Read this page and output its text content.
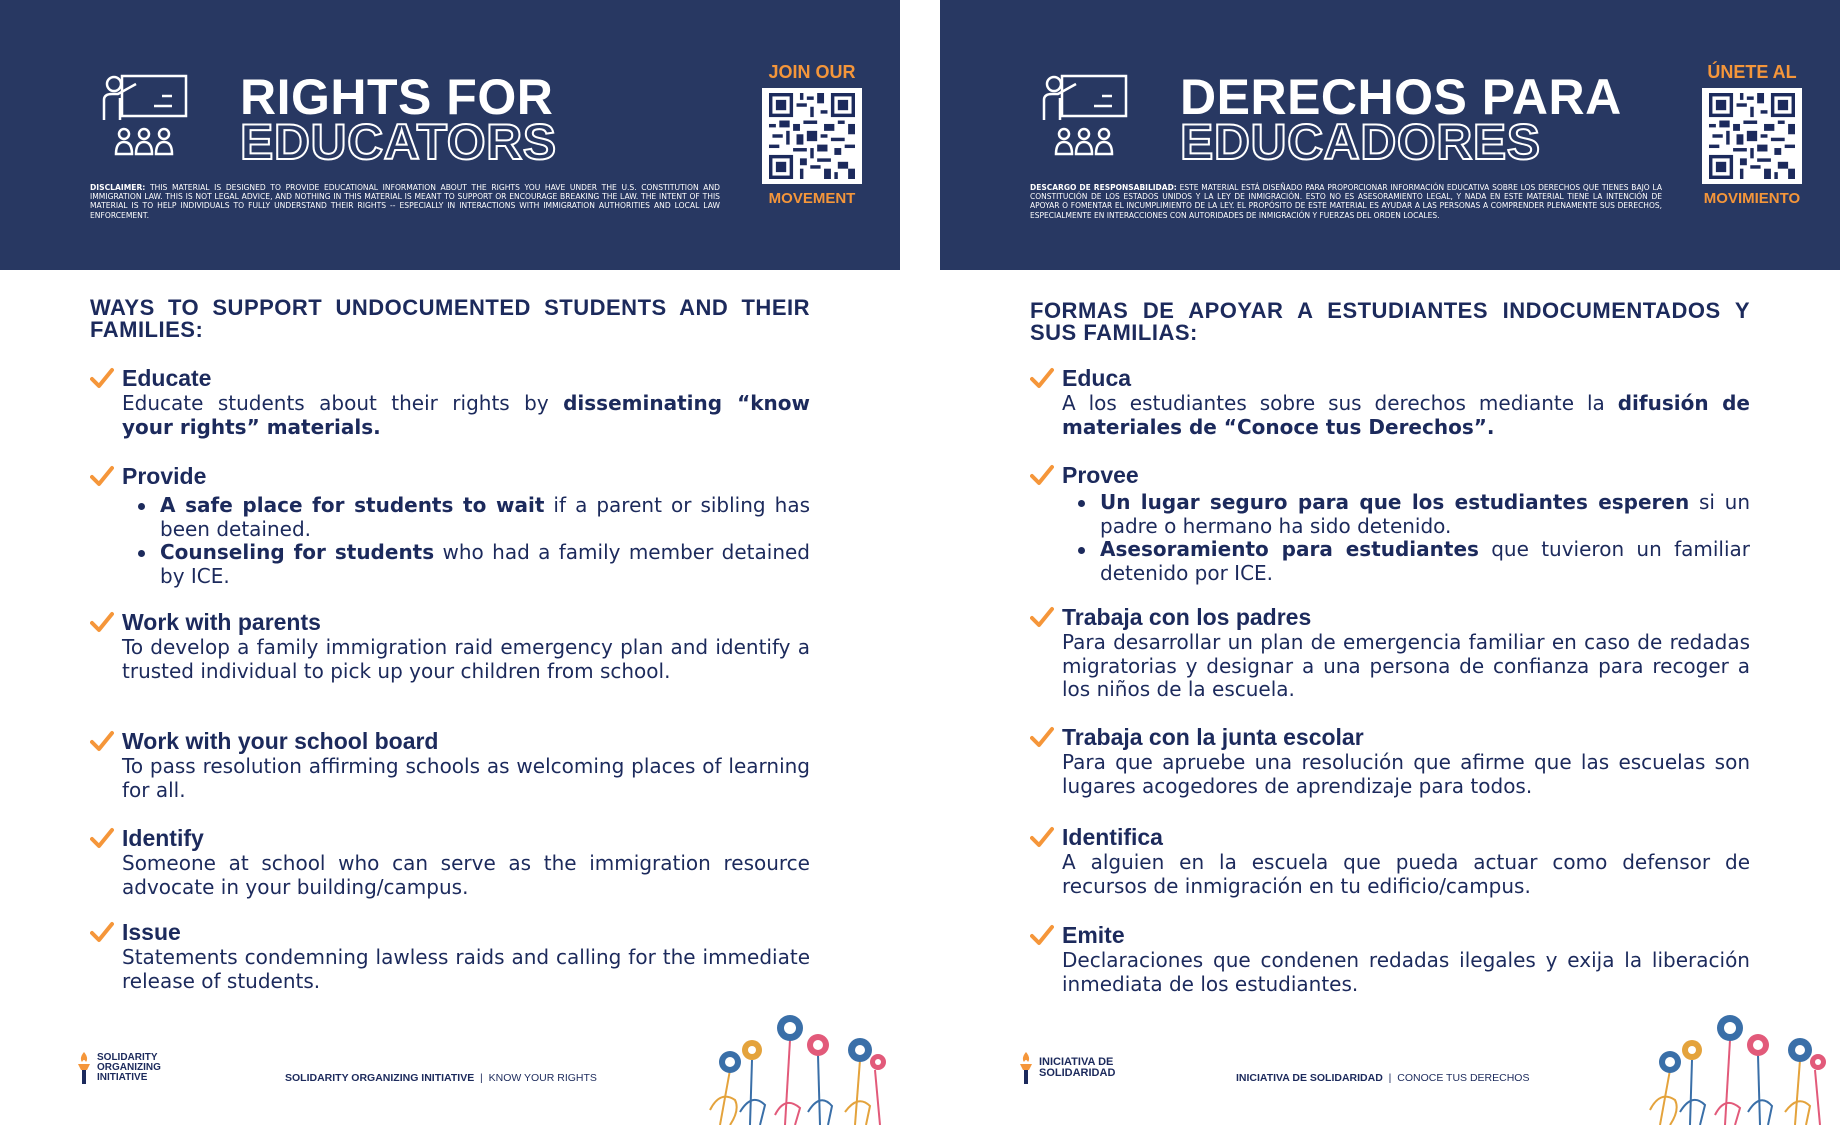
RIGHTS FOR
EDUCATORS
DISCLAIMER: THIS MATERIAL IS DESIGNED TO PROVIDE EDUCATIONAL INFORMATION ABOUT THE RIGHTS YOU HAVE UNDER THE U.S. CONSTITUTION AND IMMIGRATION LAW. THIS IS NOT LEGAL ADVICE, AND NOTHING IN THIS MATERIAL IS MEANT TO SUPPORT OR ENCOURAGE BREAKING THE LAW. THE INTENT OF THIS MATERIAL IS TO HELP INDIVIDUALS TO FULLY UNDERSTAND THEIR RIGHTS -- ESPECIALLY IN INTERACTIONS WITH IMMIGRATION AUTHORITIES AND LOCAL LAW ENFORCEMENT.
JOIN OUR
MOVEMENT
WAYS TO SUPPORT UNDOCUMENTED STUDENTS AND THEIR FAMILIES:
Educate
Educate students about their rights by disseminating “know your rights” materials.
Provide
A safe place for students to wait if a parent or sibling has been detained.
Counseling for students who had a family member detained by ICE.
Work with parents
To develop a family immigration raid emergency plan and identify a trusted individual to pick up your children from school.
Work with your school board
To pass resolution affirming schools as welcoming places of learning for all.
Identify
Someone at school who can serve as the immigration resource advocate in your building/campus.
Issue
Statements condemning lawless raids and calling for the immediate release of students.
SOLIDARITY
ORGANIZING
INITIATIVE	SOLIDARITY ORGANIZING INITIATIVE | KNOW YOUR RIGHTS
DERECHOS PARA
EDUCADORES
DESCARGO DE RESPONSABILIDAD: ESTE MATERIAL ESTÁ DISEÑADO PARA PROPORCIONAR INFORMACIÓN EDUCATIVA SOBRE LOS DERECHOS QUE TIENES BAJO LA CONSTITUCIÓN DE LOS ESTADOS UNIDOS Y LA LEY DE INMIGRACIÓN. ESTO NO ES ASESORAMIENTO LEGAL, Y NADA EN ESTE MATERIAL TIENE LA INTENCIÓN DE APOYAR O FOMENTAR EL INCUMPLIMIENTO DE LA LEY. EL PROPÓSITO DE ESTE MATERIAL ES AYUDAR A LAS PERSONAS A COMPRENDER PLENAMENTE SUS DERECHOS, ESPECIALMENTE EN INTERACCIONES CON AUTORIDADES DE INMIGRACIÓN Y FUERZAS DEL ORDEN LOCALES.
ÚNETE AL
MOVIMIENTO
FORMAS DE APOYAR A ESTUDIANTES INDOCUMENTADOS Y SUS FAMILIAS:
Educa
A los estudiantes sobre sus derechos mediante la difusión de materiales de “Conoce tus Derechos”.
Provee
Un lugar seguro para que los estudiantes esperen si un padre o hermano ha sido detenido.
Asesoramiento para estudiantes que tuvieron un familiar detenido por ICE.
Trabaja con los padres
Para desarrollar un plan de emergencia familiar en caso de redadas migratorias y designar a una persona de confianza para recoger a los niños de la escuela.
Trabaja con la junta escolar
Para que apruebe una resolución que afirme que las escuelas son lugares acogedores de aprendizaje para todos.
Identifica
A alguien en la escuela que pueda actuar como defensor de recursos de inmigración en tu edificio/campus.
Emite
Declaraciones que condenen redadas ilegales y exija la liberación inmediata de los estudiantes.
INICIATIVA DE
SOLIDARIDAD	INICIATIVA DE SOLIDARIDAD | CONOCE TUS DERECHOS
